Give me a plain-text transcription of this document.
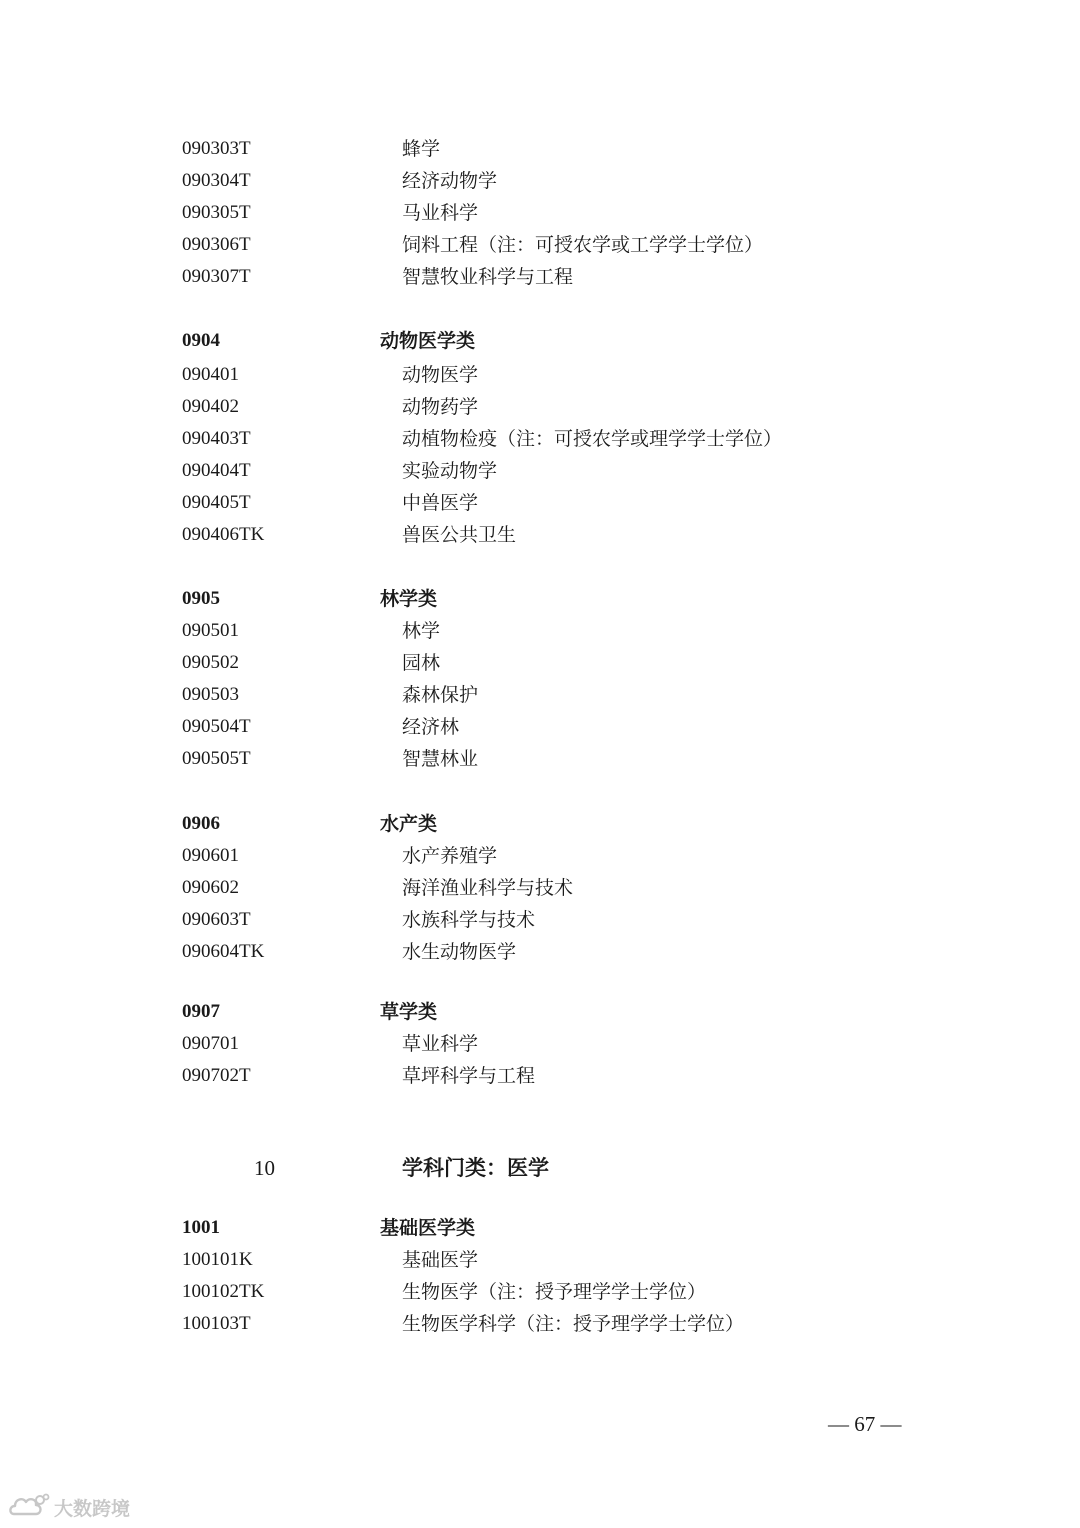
090303T	蜂学
090304T	经济动物学
090305T	马业科学
090306T	饲料工程（注：可授农学或工学学士学位）
090307T	智慧牧业科学与工程
0904	动物医学类
090401	动物医学
090402	动物药学
090403T	动植物检疫（注：可授农学或理学学士学位）
090404T	实验动物学
090405T	中兽医学
090406TK	兽医公共卫生
0905	林学类
090501	林学
090502	园林
090503	森林保护
090504T	经济林
090505T	智慧林业
0906	水产类
090601	水产养殖学
090602	海洋渔业科学与技术
090603T	水族科学与技术
090604TK	水生动物医学
0907	草学类
090701	草业科学
090702T	草坪科学与工程
10	学科门类：医学
1001	基础医学类
100101K	基础医学
100102TK	生物医学（注：授予理学学士学位）
100103T	生物医学科学（注：授予理学学士学位）
— 67 —
大数跨境
